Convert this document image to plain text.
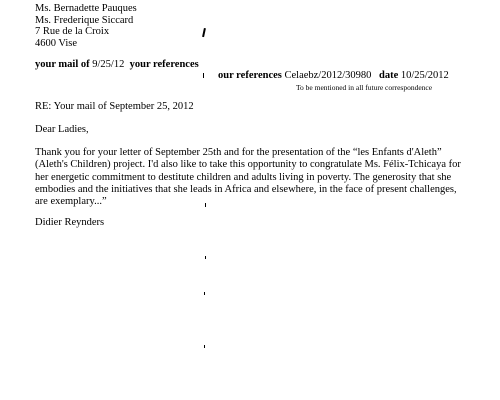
Ms. Bernadette Pauques
Ms. Frederique Siccard
7 Rue de la Croix
4600 Vise
your mail of 9/25/12 your references
our references Celaebz/2012/30980 date 10/25/2012
To be mentioned in all future correspondence
RE: Your mail of September 25, 2012
Dear Ladies,
Thank you for your letter of September 25th and for the presentation of the “les Enfants d'Aleth”
(Aleth's Children) project. I'd also like to take this opportunity to congratulate Ms. Félix-Tchicaya for
her energetic commitment to destitute children and adults living in poverty. The generosity that she
embodies and the initiatives that she leads in Africa and elsewhere, in the face of present challenges,
are exemplary...”
Didier Reynders
